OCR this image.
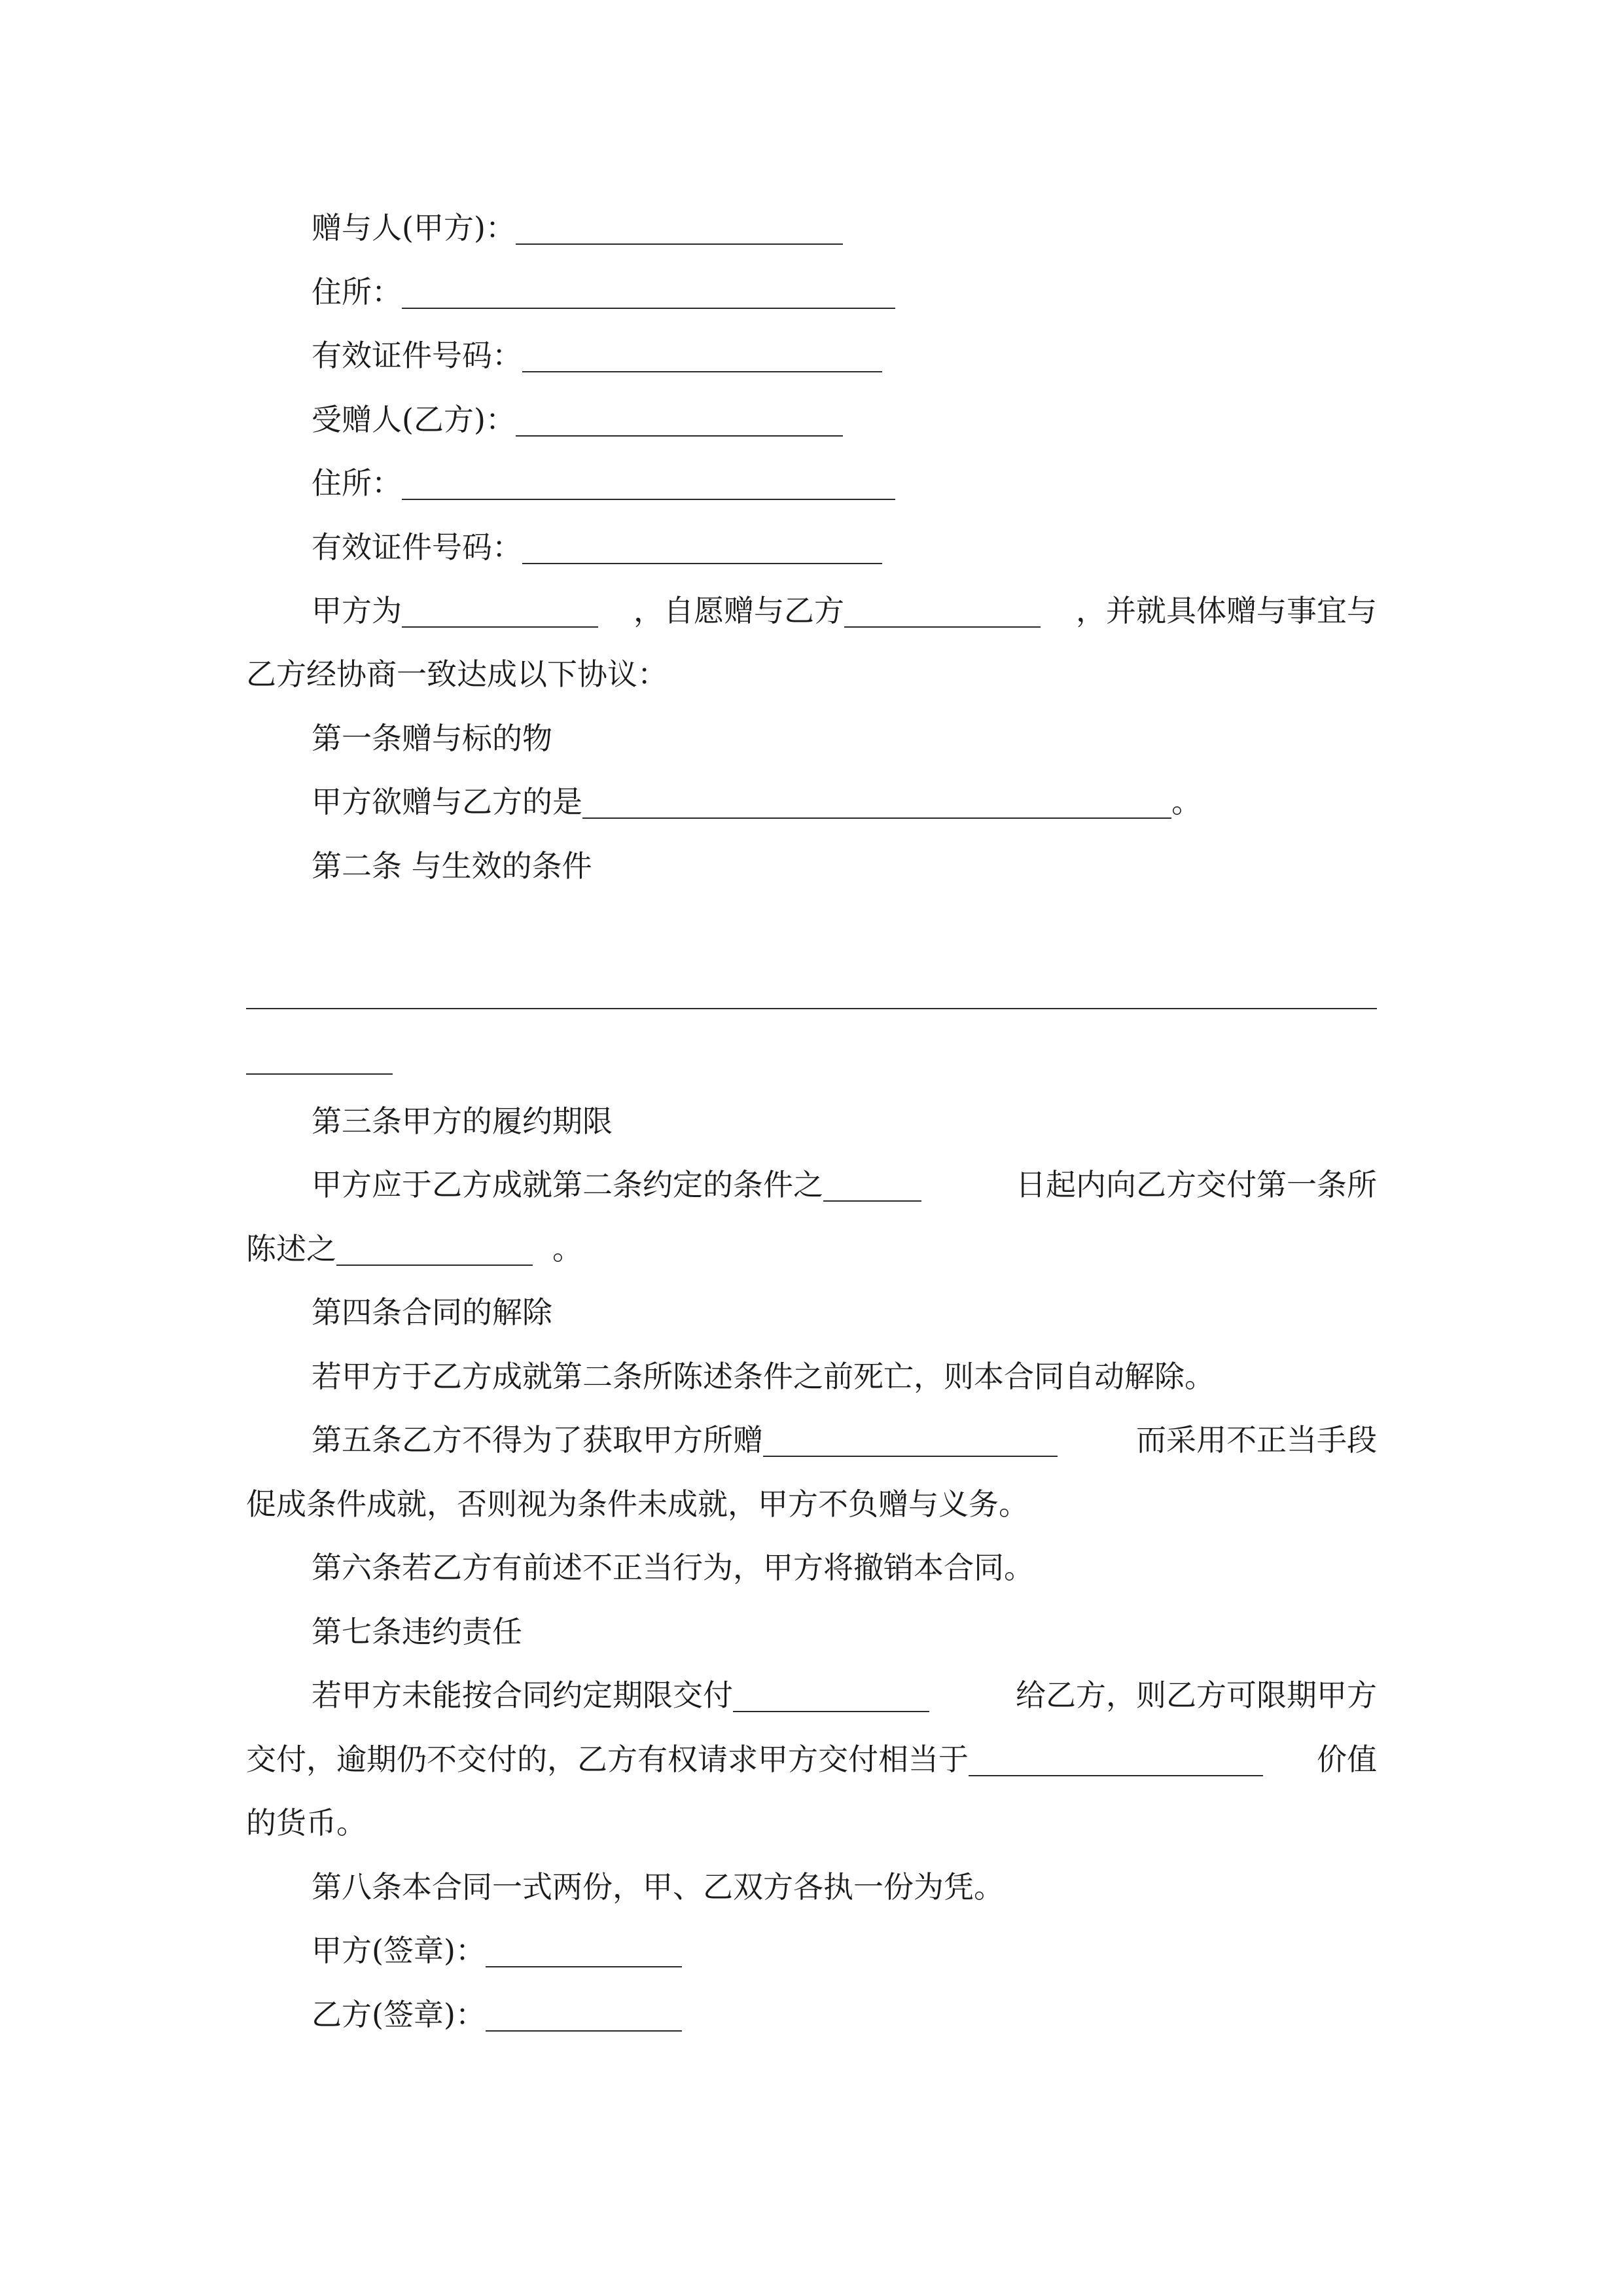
赠与人(甲方)：
住所：
有效证件号码：
受赠人(乙方)：
住所：
有效证件号码：
甲方为	，自愿赠与乙方	，并就具体赠与事宜与
乙方经协商一致达成以下协议：
第一条赠与标的物
甲方欲赠与乙方的是	。
第二条 与生效的条件
第三条甲方的履约期限
甲方应于乙方成就第二条约定的条件之	日起内向乙方交付第一条所
陈述之	。
第四条合同的解除
若甲方于乙方成就第二条所陈述条件之前死亡，则本合同自动解除。
第五条乙方不得为了获取甲方所赠	而采用不正当手段
促成条件成就，否则视为条件未成就，甲方不负赠与义务。
第六条若乙方有前述不正当行为，甲方将撤销本合同。
第七条违约责任
若甲方未能按合同约定期限交付	给乙方，则乙方可限期甲方
交付，逾期仍不交付的，乙方有权请求甲方交付相当于	价值
的货币。
第八条本合同一式两份，甲、乙双方各执一份为凭。
甲方(签章)：
乙方(签章)：
